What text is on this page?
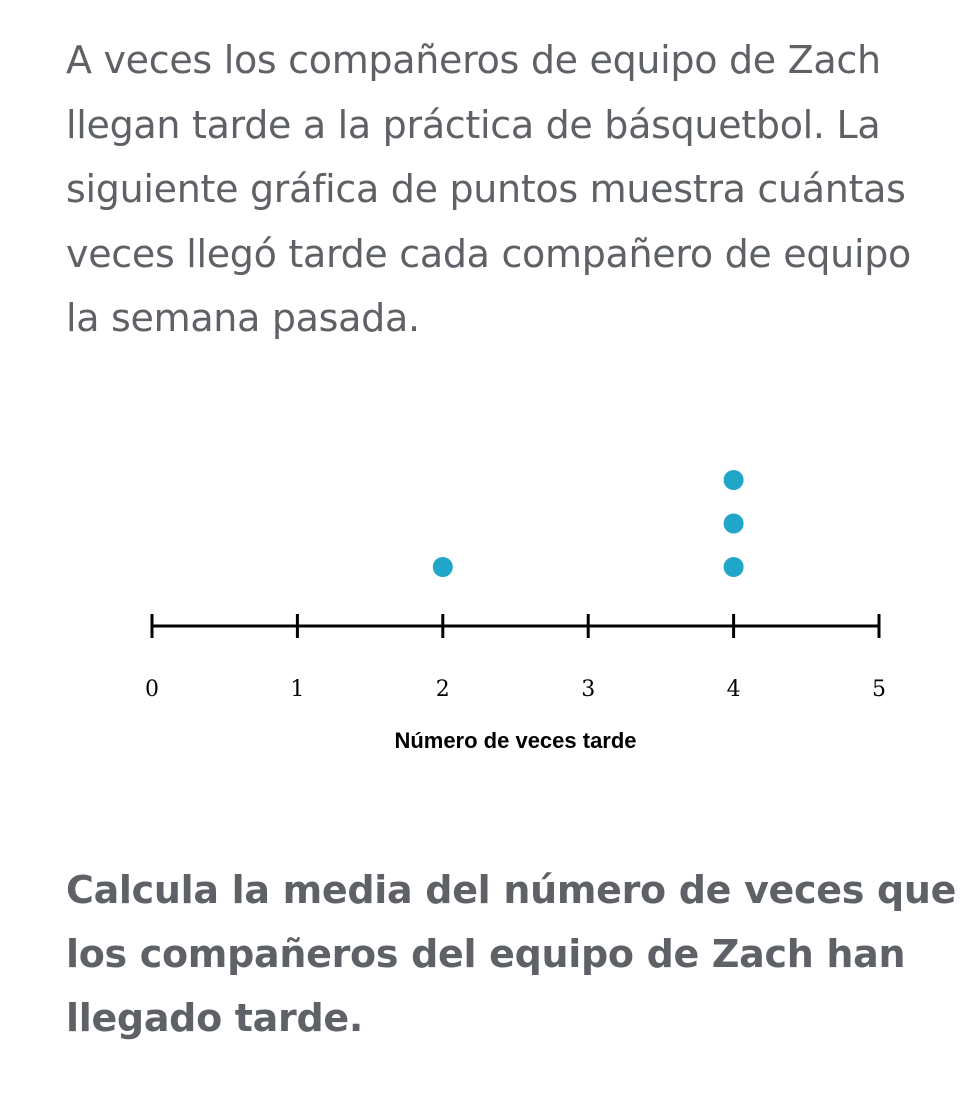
A veces los compañeros de equipo de Zach
llegan tarde a la práctica de básquetbol. La
siguiente gráfica de puntos muestra cuántas
veces llegó tarde cada compañero de equipo
la semana pasada.
0	1	2	3	4	5
Número de veces tarde
Calcula la media del número de veces que
los compañeros del equipo de Zach han
llegado tarde.
